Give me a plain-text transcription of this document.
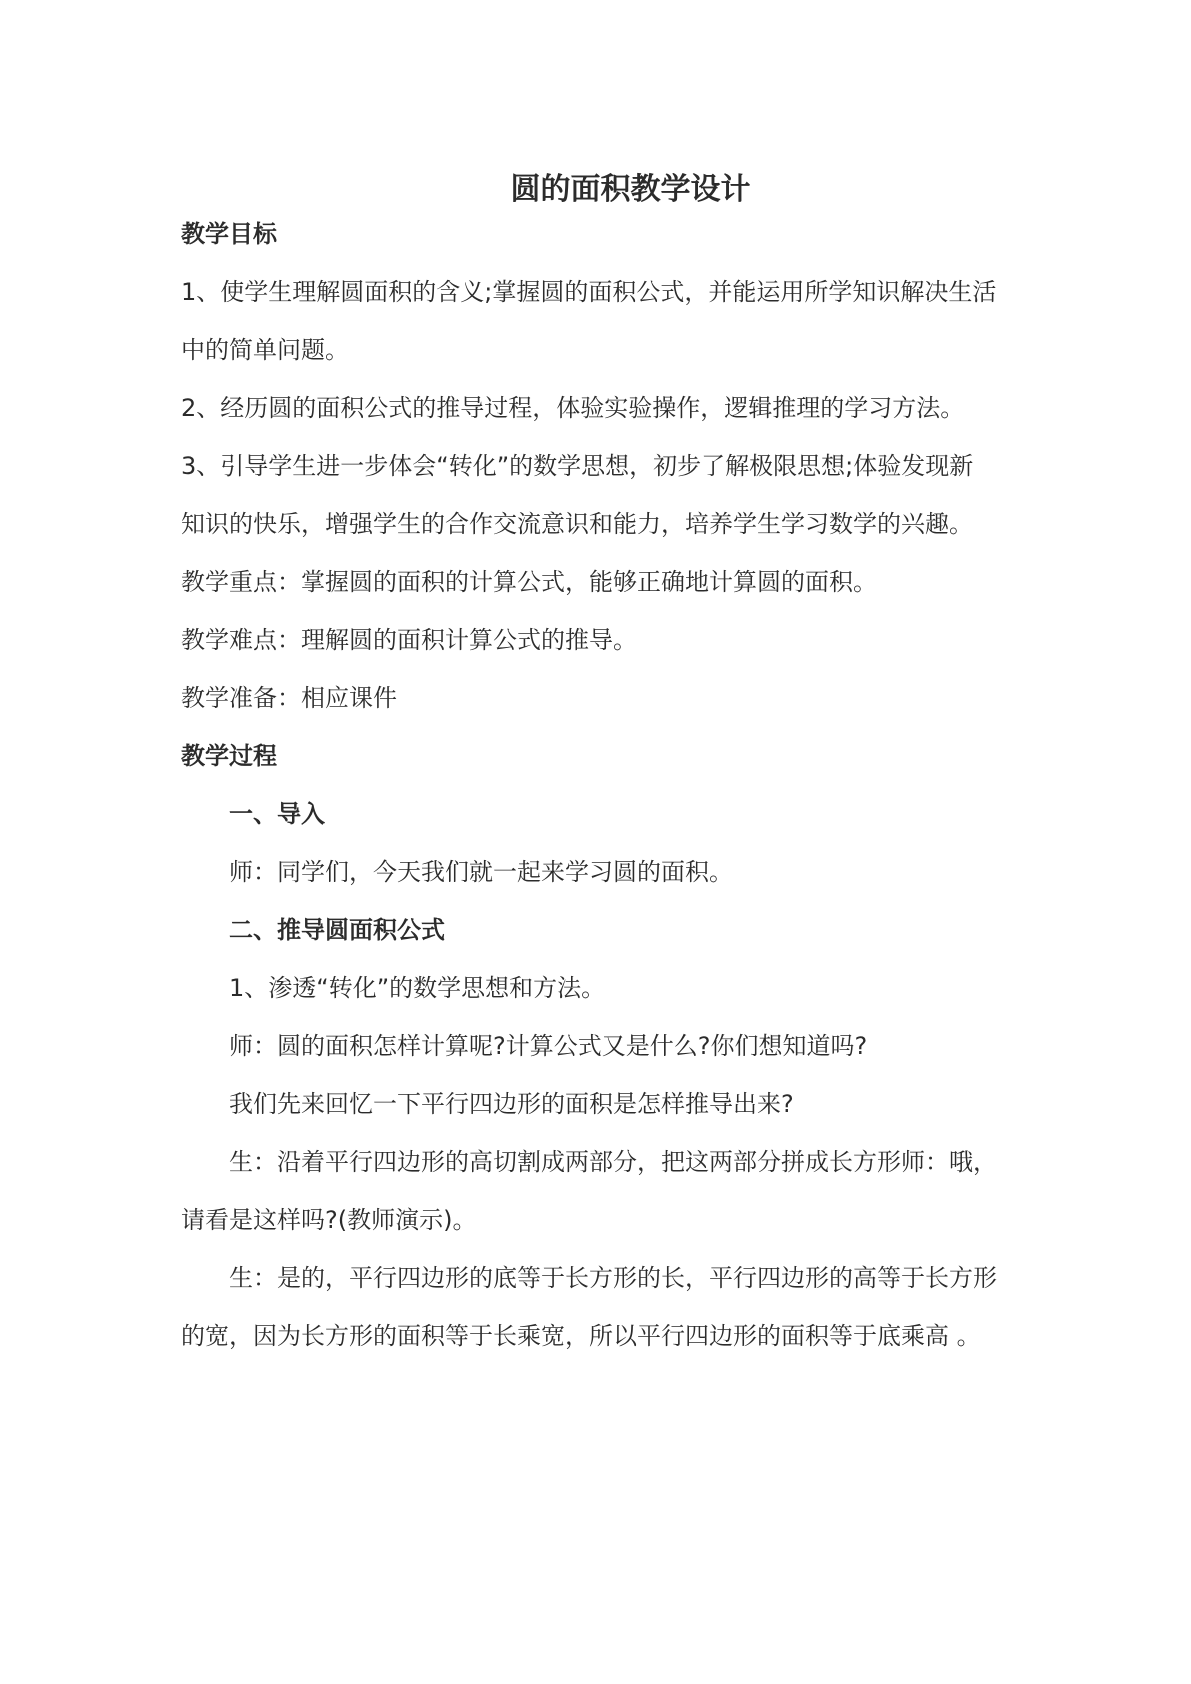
圆的面积教学设计
教学目标
1、使学生理解圆面积的含义;掌握圆的面积公式，并能运用所学知识解决生活
中的简单问题。
2、经历圆的面积公式的推导过程，体验实验操作，逻辑推理的学习方法。
3、引导学生进一步体会“转化”的数学思想，初步了解极限思想;体验发现新
知识的快乐，增强学生的合作交流意识和能力，培养学生学习数学的兴趣。
教学重点：掌握圆的面积的计算公式，能够正确地计算圆的面积。
教学难点：理解圆的面积计算公式的推导。
教学准备：相应课件
教学过程
一、导入
师：同学们，今天我们就一起来学习圆的面积。
二、推导圆面积公式
1、渗透“转化”的数学思想和方法。
师：圆的面积怎样计算呢?计算公式又是什么?你们想知道吗?
我们先来回忆一下平行四边形的面积是怎样推导出来?
生：沿着平行四边形的高切割成两部分，把这两部分拼成长方形师：哦，
请看是这样吗?(教师演示)。
生：是的，平行四边形的底等于长方形的长，平行四边形的高等于长方形
的宽，因为长方形的面积等于长乘宽，所以平行四边形的面积等于底乘高 。
